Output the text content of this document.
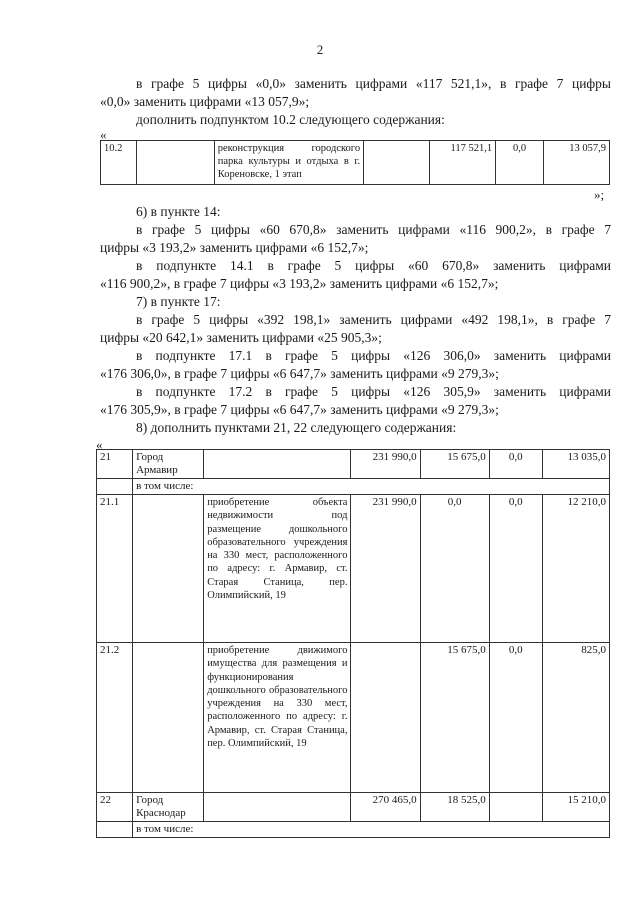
2
в графе 5 цифры «0,0» заменить цифрами «117 521,1», в графе 7 цифры
«0,0» заменить цифрами «13 057,9»;
дополнить подпунктом 10.2 следующего содержания:
«
10.2		реконструкция городского парка культуры и отдыха в г. Кореновске, 1 этап		117 521,1	0,0	13 057,9
»;
6) в пункте 14:
в графе 5 цифры «60 670,8» заменить цифрами «116 900,2», в графе 7
цифры «3 193,2» заменить цифрами «6 152,7»;
в подпункте 14.1 в графе 5 цифры «60 670,8» заменить цифрами
«116 900,2», в графе 7 цифры «3 193,2» заменить цифрами «6 152,7»;
7) в пункте 17:
в графе 5 цифры «392 198,1» заменить цифрами «492 198,1», в графе 7
цифры «20 642,1» заменить цифрами «25 905,3»;
в подпункте 17.1 в графе 5 цифры «126 306,0» заменить цифрами
«176 306,0», в графе 7 цифры «6 647,7» заменить цифрами «9 279,3»;
в подпункте 17.2 в графе 5 цифры «126 305,9» заменить цифрами
«176 305,9», в графе 7 цифры «6 647,7» заменить цифрами «9 279,3»;
8) дополнить пунктами 21, 22 следующего содержания:
«
21	Город Армавир		231 990,0	15 675,0	0,0	13 035,0
	в том числе:					
21.1		приобретение объекта недвижимости под размещение дошкольного образовательного учреждения на 330 мест, расположенного по адресу: г. Армавир, ст. Старая Станица, пер. Олимпийский, 19	231 990,0	0,0	0,0	12 210,0
21.2		приобретение движимого имущества для размещения и функционирования дошкольного образовательного учреждения на 330 мест, расположенного по адресу: г. Армавир, ст. Старая Станица, пер. Олимпийский, 19		15 675,0	0,0	825,0
22	Город Краснодар		270 465,0	18 525,0		15 210,0
	в том числе:					
